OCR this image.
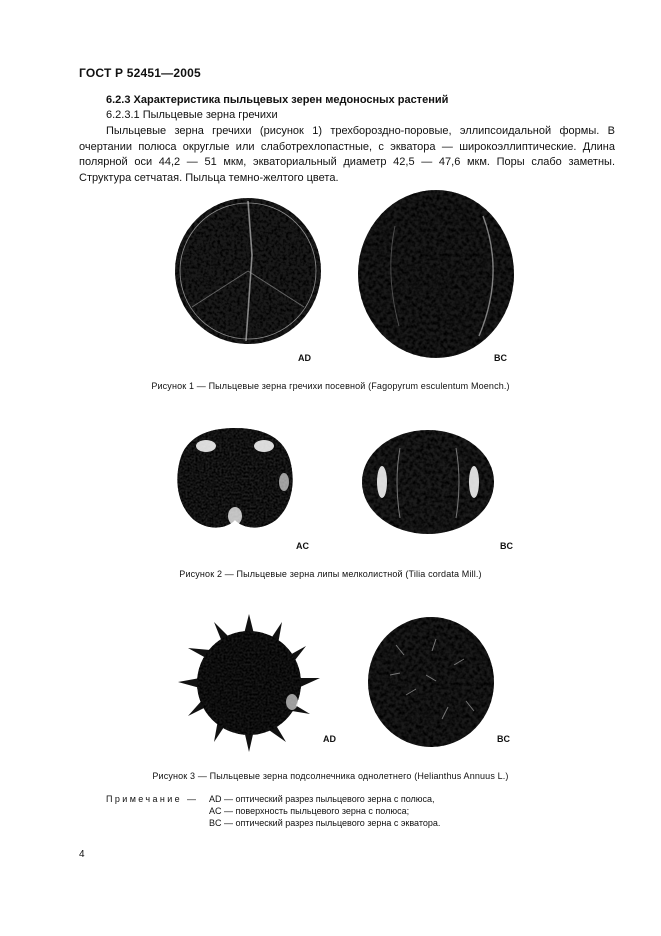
ГОСТ Р 52451—2005
6.2.3 Характеристика пыльцевых зерен медоносных растений
6.2.3.1 Пыльцевые зерна гречихи

Пыльцевые зерна гречихи (рисунок 1) трехбороздно-поровые, эллипсоидальной формы. В очертании полюса округлые или слаботрехлопастные, с экватора — широкоэллиптические. Длина полярной оси 44,2 — 51 мкм, экваториальный диаметр 42,5 — 47,6 мкм. Поры слабо заметны. Структура сетчатая. Пыльца темно-желтого цвета.

AD	BC
Рисунок 1 — Пыльцевые зерна гречихи посевной (Fagopyrum esculentum Moench.)
AC	BC
Рисунок 2 — Пыльцевые зерна липы мелколистной (Tilia cordata Mill.)
AD	BC
Рисунок 3 — Пыльцевые зерна подсолнечника однолетнего (Helianthus Annuus L.)
Примечание — AD — оптический разрез пыльцевого зерна с полюса,
AC — поверхность пыльцевого зерна с полюса;
BC — оптический разрез пыльцевого зерна с экватора.
4
